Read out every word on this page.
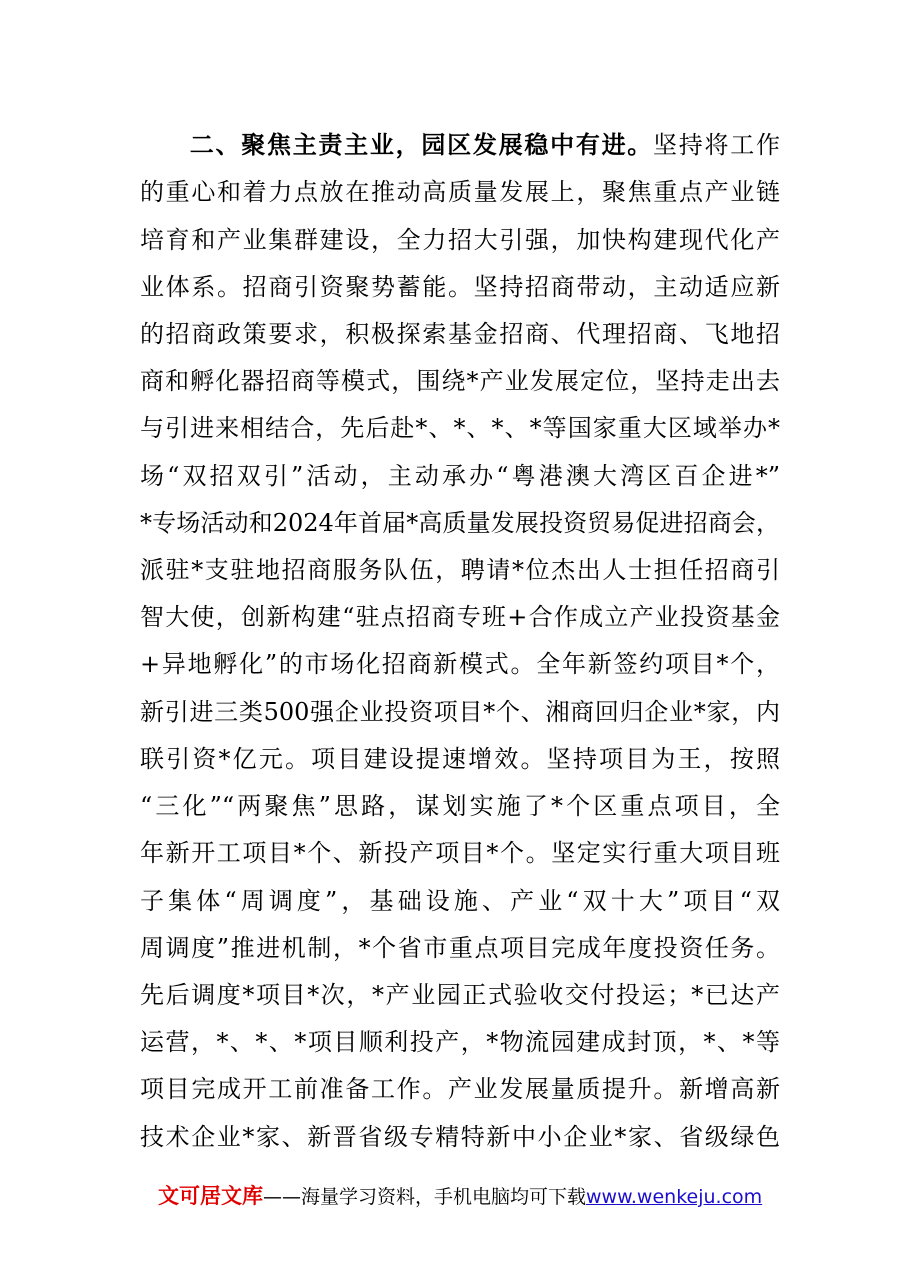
二、聚焦主责主业，园区发展稳中有进。坚持将工作
的重心和着力点放在推动高质量发展上，聚焦重点产业链
培育和产业集群建设，全力招大引强，加快构建现代化产
业体系。招商引资聚势蓄能。坚持招商带动，主动适应新
的招商政策要求，积极探索基金招商、代理招商、飞地招
商和孵化器招商等模式，围绕*产业发展定位，坚持走出去
与引进来相结合，先后赴*、*、*、*等国家重大区域举办*
场“双招双引”活动，主动承办“粤港澳大湾区百企进*”
*专场活动和2024年首届*高质量发展投资贸易促进招商会，
派驻*支驻地招商服务队伍，聘请*位杰出人士担任招商引
智大使，创新构建“驻点招商专班+合作成立产业投资基金
+异地孵化”的市场化招商新模式。全年新签约项目*个，
新引进三类500强企业投资项目*个、湘商回归企业*家，内
联引资*亿元。项目建设提速增效。坚持项目为王，按照
“三化”“两聚焦”思路，谋划实施了*个区重点项目，全
年新开工项目*个、新投产项目*个。坚定实行重大项目班
子集体“周调度”，基础设施、产业“双十大”项目“双
周调度”推进机制，*个省市重点项目完成年度投资任务。
先后调度*项目*次，*产业园正式验收交付投运；*已达产
运营，*、*、*项目顺利投产，*物流园建成封顶，*、*等
项目完成开工前准备工作。产业发展量质提升。新增高新
技术企业*家、新晋省级专精特新中小企业*家、省级绿色
文可居文库——海量学习资料，手机电脑均可下载www.wenkeju.com
